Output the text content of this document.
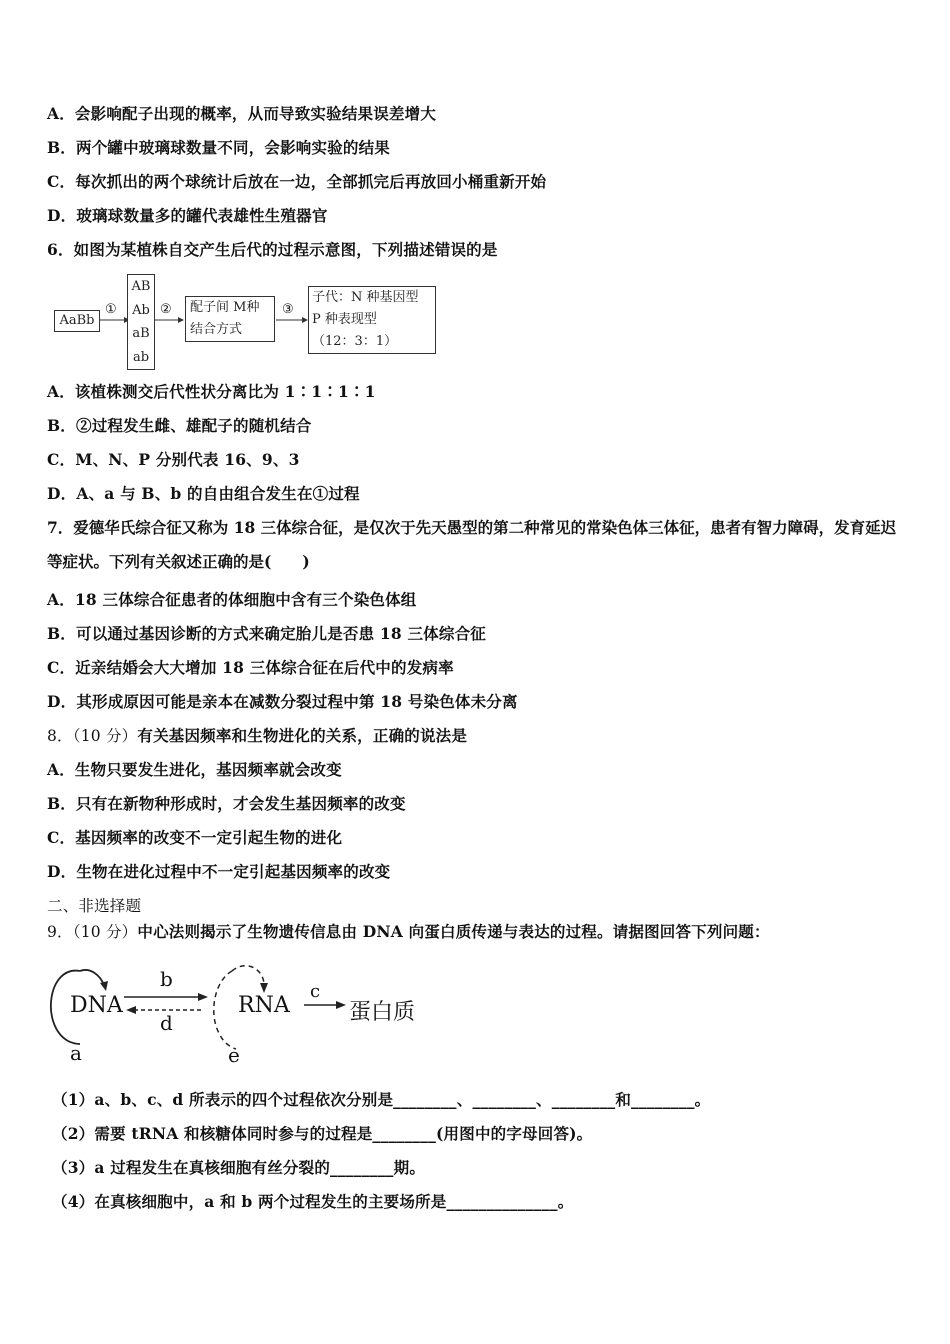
A．会影响配子出现的概率，从而导致实验结果误差增大
B．两个罐中玻璃球数量不同，会影响实验的结果
C．每次抓出的两个球统计后放在一边，全部抓完后再放回小桶重新开始
D．玻璃球数量多的罐代表雄性生殖器官
6．如图为某植株自交产生后代的过程示意图，下列描述错误的是
AaBb
①	②	③
AB
Ab
aB
ab
配子间 M种
结合方式
子代：N 种基因型
P 种表现型
（12：3：1）
A．该植株测交后代性状分离比为 1∶1∶1∶1
B．②过程发生雌、雄配子的随机结合
C．M、N、P 分别代表 16、9、3
D．A、a 与 B、b 的自由组合发生在①过程
7．爱德华氏综合征又称为 18 三体综合征，是仅次于先天愚型的第二种常见的常染色体三体征，患者有智力障碍，发育延迟等症状。下列有关叙述正确的是(　　)
A．18 三体综合征患者的体细胞中含有三个染色体组
B．可以通过基因诊断的方式来确定胎儿是否患 18 三体综合征
C．近亲结婚会大大增加 18 三体综合征在后代中的发病率
D．其形成原因可能是亲本在减数分裂过程中第 18 号染色体未分离
8．（10 分）有关基因频率和生物进化的关系，正确的说法是
A．生物只要发生进化，基因频率就会改变
B．只有在新物种形成时，才会发生基因频率的改变
C．基因频率的改变不一定引起生物的进化
D．生物在进化过程中不一定引起基因频率的改变
二、非选择题
9．（10 分）中心法则揭示了生物遗传信息由 DNA 向蛋白质传递与表达的过程。请据图回答下列问题：
DNA	RNA	蛋白质
b
d
c
a	e
（1）a、b、c、d 所表示的四个过程依次分别是________、________、________和________。
（2）需要 tRNA 和核糖体同时参与的过程是________(用图中的字母回答)。
（3）a 过程发生在真核细胞有丝分裂的________期。
（4）在真核细胞中，a 和 b 两个过程发生的主要场所是______________。
